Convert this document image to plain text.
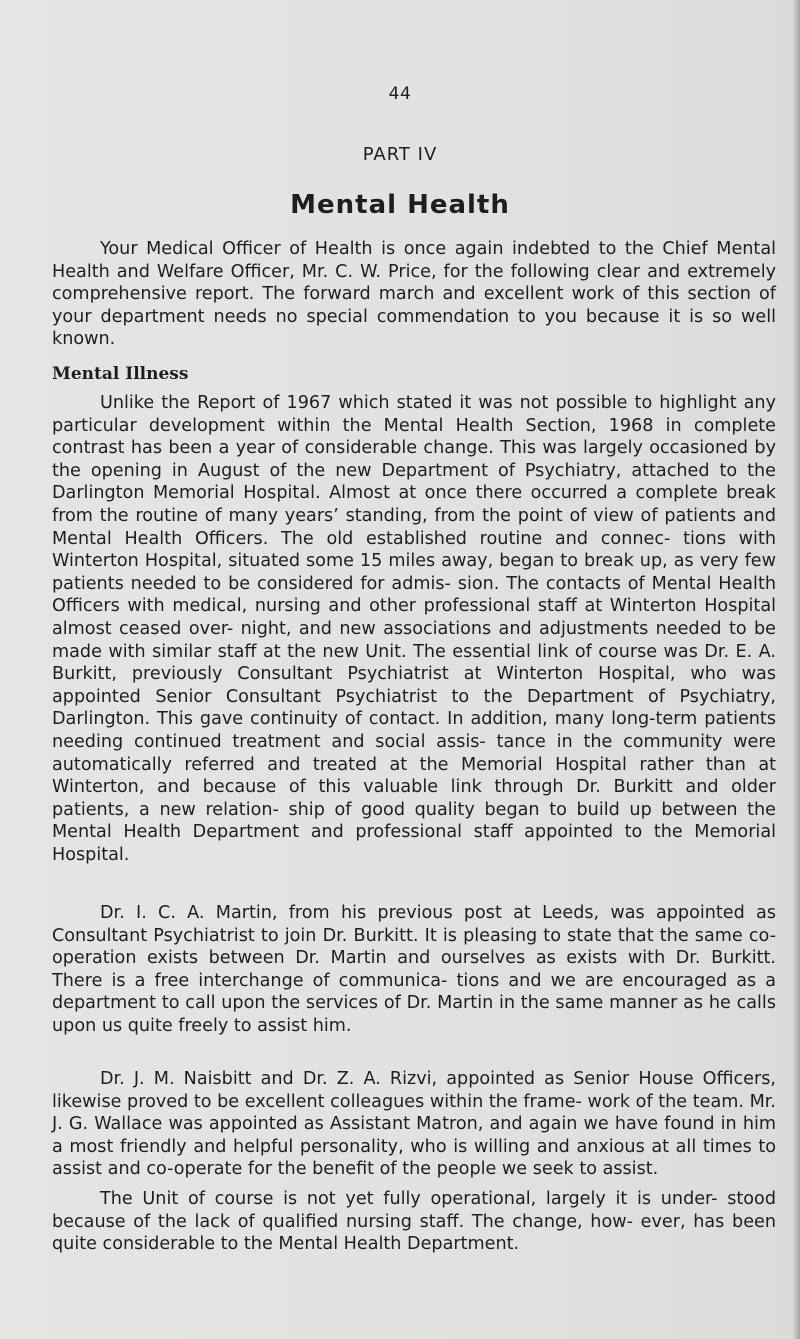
44
PART IV
Mental Health

Your Medical Officer of Health is once again indebted to the Chief Mental Health and Welfare Officer, Mr. C. W. Price, for the following clear and extremely comprehensive report. The forward march and excellent work of this section of your department needs no special commendation to you because it is so well known.

Mental Illness

Unlike the Report of 1967 which stated it was not possible to highlight any particular development within the Mental Health Section, 1968 in complete contrast has been a year of considerable change. This was largely occasioned by the opening in August of the new Department of Psychiatry, attached to the Darlington Memorial Hospital. Almost at once there occurred a complete break from the routine of many years’ standing, from the point of view of patients and Mental Health Officers. The old established routine and connec- tions with Winterton Hospital, situated some 15 miles away, began to break up, as very few patients needed to be considered for admis- sion. The contacts of Mental Health Officers with medical, nursing and other professional staff at Winterton Hospital almost ceased over- night, and new associations and adjustments needed to be made with similar staff at the new Unit. The essential link of course was Dr. E. A. Burkitt, previously Consultant Psychiatrist at Winterton Hospital, who was appointed Senior Consultant Psychiatrist to the Department of Psychiatry, Darlington. This gave continuity of contact. In addition, many long-term patients needing continued treatment and social assis- tance in the community were automatically referred and treated at the Memorial Hospital rather than at Winterton, and because of this valuable link through Dr. Burkitt and older patients, a new relation- ship of good quality began to build up between the Mental Health Department and professional staff appointed to the Memorial Hospital.

Dr. I. C. A. Martin, from his previous post at Leeds, was appointed as Consultant Psychiatrist to join Dr. Burkitt. It is pleasing to state that the same co-operation exists between Dr. Martin and ourselves as exists with Dr. Burkitt. There is a free interchange of communica- tions and we are encouraged as a department to call upon the services of Dr. Martin in the same manner as he calls upon us quite freely to assist him.

Dr. J. M. Naisbitt and Dr. Z. A. Rizvi, appointed as Senior House Officers, likewise proved to be excellent colleagues within the frame- work of the team. Mr. J. G. Wallace was appointed as Assistant Matron, and again we have found in him a most friendly and helpful personality, who is willing and anxious at all times to assist and co-operate for the benefit of the people we seek to assist.

The Unit of course is not yet fully operational, largely it is under- stood because of the lack of qualified nursing staff. The change, how- ever, has been quite considerable to the Mental Health Department.
